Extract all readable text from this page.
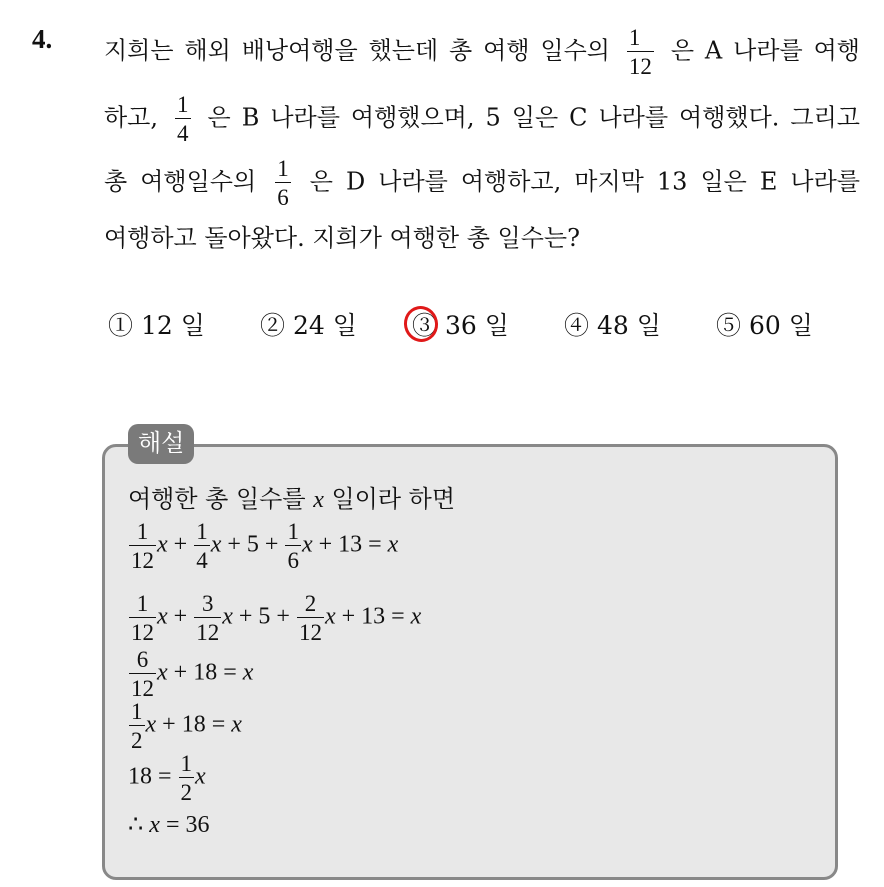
4. 지희는 해외 배낭여행을 했는데 총 여행 일수의 $\frac{1}{12}$ 은 A 나라를 여행
하고, $\frac{1}{4}$ 은 B 나라를 여행했으며, 5 일은 C 나라를 여행했다. 그리고
총 여행일수의 $\frac{1}{6}$ 은 D 나라를 여행하고, 마지막 13 일은 E 나라를
여행하고 돌아왔다. 지희가 여행한 총 일수는?
① 12 일 ② 24 일 ③ 36 일 ④ 48 일 ⑤ 60 일
해설
여행한 총 일수를 x 일이라 하면
$\frac{1}{12}$ $x + \frac{1}{4}$ $x + 5 + \frac{1}{6}$ x + 13 = x
$\frac{1}{12}$ $x + \frac{3}{12}$ $x + 5 + \frac{2}{12}$ x + 13 = x
$\frac{6}{12}$ x + 18 = x
$\frac{1}{2}$ x + 18 = x
$18 = \frac{1}{2}$ x
∴ x = 36
